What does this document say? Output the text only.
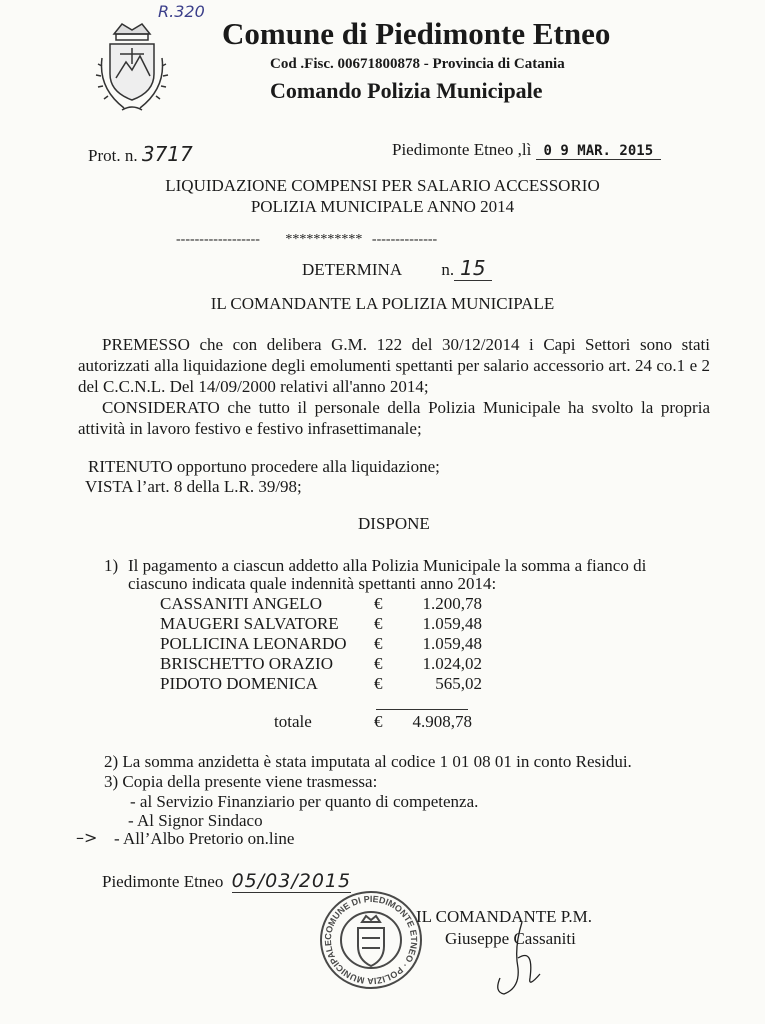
R.320
Comune di Piedimonte Etneo
Cod .Fisc. 00671800878 - Provincia di Catania
Comando Polizia Municipale
Prot. n. 3717	Piedimonte Etneo ,lì 0 9 MAR. 2015
LIQUIDAZIONE COMPENSI PER SALARIO ACCESSORIO
POLIZIA MUNICIPALE ANNO 2014
------------------ *********** --------------
DETERMINA n. 15
IL COMANDANTE LA POLIZIA MUNICIPALE
PREMESSO che con delibera G.M. 122 del 30/12/2014 i Capi Settori sono stati autorizzati alla liquidazione degli emolumenti spettanti per salario accessorio art. 24 co.1 e 2 del C.C.N.L. Del 14/09/2000 relativi all'anno 2014;
CONSIDERATO che tutto il personale della Polizia Municipale ha svolto la propria attività in lavoro festivo e festivo infrasettimanale;
RITENUTO opportuno procedere alla liquidazione;
VISTA l’art. 8 della L.R. 39/98;
DISPONE
1) Il pagamento a ciascun addetto alla Polizia Municipale la somma a fianco di
ciascuno indicata quale indennità spettanti anno 2014:
CASSANITI ANGELO	€	1.200,78
MAUGERI SALVATORE €	1.059,48
POLLICINA LEONARDO €	1.059,48
BRISCHETTO ORAZIO €	1.024,02
PIDOTO DOMENICA	€	565,02
totale	€	4.908,78
2) La somma anzidetta è stata imputata al codice 1 01 08 01 in conto Residui.
3) Copia della presente viene trasmessa:
- al Servizio Finanziario per quanto di competenza.
- Al Signor Sindaco
–> - All’Albo Pretorio on.line
Piedimonte Etneo 05/03/2015
COMUNE DI PIEDIMONTE ETNEO · POLIZIA MUNICIPALE
IL COMANDANTE P.M.
Giuseppe Cassaniti
